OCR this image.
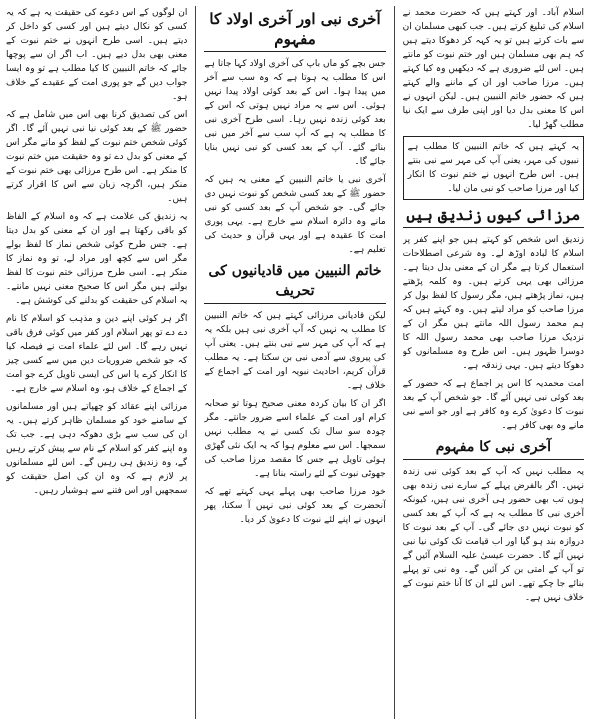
اسلام آباد۔ اور کہتے ہیں کہ حضرت محمد نے اسلام کی تبلیغ کرتے ہیں۔ جب کبھی مسلمان ان سے بات کرتے ہیں تو یہ کہہ کر دھوکا دیتے ہیں کہ ہم بھی مسلمان ہیں اور ختم نبوت کو مانتے ہیں۔ اس لئے ضروری ہے کہ دیکھیں وہ کیا کہتے ہیں۔ مرزا صاحب اور ان کے ماننے والے کہتے ہیں کہ حضور خاتم النبیین ہیں۔ لیکن انہوں نے اس کا معنی بدل دیا اور اپنی طرف سے ایک نیا مطلب گھڑ لیا۔

یہ کہتے ہیں کہ خاتم النبیین کا مطلب ہے نبیوں کی مہر، یعنی آپ کی مہر سے نبی بنتے ہیں۔ اس طرح انہوں نے ختم نبوت کا انکار کیا اور مرزا صاحب کو نبی مان لیا۔

مرزائی کیوں زندیق ہیں

زندیق اس شخص کو کہتے ہیں جو اپنے کفر پر اسلام کا لبادہ اوڑھ لے۔ وہ شرعی اصطلاحات استعمال کرتا ہے مگر ان کے معنی بدل دیتا ہے۔ مرزائی بھی یہی کرتے ہیں۔ وہ کلمہ پڑھتے ہیں، نماز پڑھتے ہیں، مگر رسول کا لفظ بول کر مرزا صاحب کو مراد لیتے ہیں۔ وہ کہتے ہیں کہ ہم محمد رسول اللہ مانتے ہیں مگر ان کے نزدیک مرزا صاحب بھی محمد رسول اللہ کا دوسرا ظہور ہیں۔ اس طرح وہ مسلمانوں کو دھوکا دیتے ہیں۔ یہی زندقہ ہے۔

امت محمدیہ کا اس پر اجماع ہے کہ حضور کے بعد کوئی نبی نہیں آئے گا۔ جو شخص آپ کے بعد نبوت کا دعویٰ کرے وہ کافر ہے اور جو اسے نبی مانے وہ بھی کافر ہے۔

آخری نبی کا مفہوم

یہ مطلب نہیں کہ آپ کے بعد کوئی نبی زندہ نہیں۔ اگر بالفرض پہلے کے سارے نبی زندہ بھی ہوں تب بھی حضور ہی آخری نبی ہیں، کیونکہ آخری نبی کا مطلب یہ ہے کہ آپ کے بعد کسی کو نبوت نہیں دی جائے گی۔ آپ کے بعد نبوت کا دروازہ بند ہو گیا اور اب قیامت تک کوئی نیا نبی نہیں آئے گا۔ حضرت عیسیٰ علیہ السلام آئیں گے تو آپ کے امتی بن کر آئیں گے۔ وہ نبی تو پہلے بنائے جا چکے تھے۔ اس لئے ان کا آنا ختم نبوت کے خلاف نہیں ہے۔

آخری نبی اور آخری اولاد کا مفہوم

جس بچے کو ماں باپ کی آخری اولاد کہا جاتا ہے اس کا مطلب یہ ہوتا ہے کہ وہ سب سے آخر میں پیدا ہوا۔ اس کے بعد کوئی اولاد پیدا نہیں ہوئی۔ اس سے یہ مراد نہیں ہوتی کہ اس کے بعد کوئی زندہ نہیں رہا۔ اسی طرح آخری نبی کا مطلب یہ ہے کہ آپ سب سے آخر میں نبی بنائے گئے۔ آپ کے بعد کسی کو نبی نہیں بنایا جائے گا۔

آخری نبی یا خاتم النبیین کے معنی یہ ہیں کہ حضور ﷺ کے بعد کسی شخص کو نبوت نہیں دی جائے گی۔ جو شخص آپ کے بعد کسی کو نبی مانے وہ دائرہ اسلام سے خارج ہے۔ یہی پوری امت کا عقیدہ ہے اور یہی قرآن و حدیث کی تعلیم ہے۔

خاتم النبیین میں قادیانیوں کی تحریف

لیکن قادیانی مرزائی کہتے ہیں کہ خاتم النبیین کا مطلب یہ نہیں کہ آپ آخری نبی ہیں بلکہ یہ ہے کہ آپ کی مہر سے نبی بنتے ہیں۔ یعنی آپ کی پیروی سے آدمی نبی بن سکتا ہے۔ یہ مطلب قرآن کریم، احادیث نبویہ اور امت کے اجماع کے خلاف ہے۔

اگر ان کا بیان کردہ معنی صحیح ہوتا تو صحابہ کرام اور امت کے علماء اسے ضرور جانتے۔ مگر چودہ سو سال تک کسی نے یہ مطلب نہیں سمجھا۔ اس سے معلوم ہوا کہ یہ ایک نئی گھڑی ہوئی تاویل ہے جس کا مقصد مرزا صاحب کی جھوٹی نبوت کے لئے راستہ بنانا ہے۔

خود مرزا صاحب بھی پہلے یہی کہتے تھے کہ آنحضرت کے بعد کوئی نبی نہیں آ سکتا، پھر انہوں نے اپنے لئے نبوت کا دعویٰ کر دیا۔

ان لوگوں کے اس دعوے کی حقیقت یہ ہے کہ یہ کسی کو نکال دیتے ہیں اور کسی کو داخل کر دیتے ہیں۔ اسی طرح انہوں نے ختم نبوت کے معنی بھی بدل دیے ہیں۔ اب اگر ان سے پوچھا جائے کہ خاتم النبیین کا کیا مطلب ہے تو وہ ایسا جواب دیں گے جو پوری امت کے عقیدے کے خلاف ہو۔

اس کی تصدیق کرنا بھی اس میں شامل ہے کہ حضور ﷺ کے بعد کوئی نیا نبی نہیں آئے گا۔ اگر کوئی شخص ختم نبوت کے لفظ کو مانے مگر اس کے معنی کو بدل دے تو وہ حقیقت میں ختم نبوت کا منکر ہے۔ اس طرح مرزائی بھی ختم نبوت کے منکر ہیں، اگرچہ زبان سے اس کا اقرار کرتے ہیں۔

یہ زندیق کی علامت ہے کہ وہ اسلام کے الفاظ کو باقی رکھتا ہے اور ان کے معنی کو بدل دیتا ہے۔ جس طرح کوئی شخص نماز کا لفظ بولے مگر اس سے کچھ اور مراد لے، تو وہ نماز کا منکر ہے۔ اسی طرح مرزائی ختم نبوت کا لفظ بولتے ہیں مگر اس کا صحیح معنی نہیں مانتے۔ یہ اسلام کی حقیقت کو بدلنے کی کوشش ہے۔

اگر ہر کوئی اپنے دین و مذہب کو اسلام کا نام دے دے تو پھر اسلام اور کفر میں کوئی فرق باقی نہیں رہے گا۔ اس لئے علماء امت نے فیصلہ کیا کہ جو شخص ضروریات دین میں سے کسی چیز کا انکار کرے یا اس کی ایسی تاویل کرے جو امت کے اجماع کے خلاف ہو، وہ اسلام سے خارج ہے۔

مرزائی اپنے عقائد کو چھپاتے ہیں اور مسلمانوں کے سامنے خود کو مسلمان ظاہر کرتے ہیں۔ یہ ان کی سب سے بڑی دھوکہ دہی ہے۔ جب تک وہ اپنے کفر کو اسلام کے نام سے پیش کرتے رہیں گے، وہ زندیق ہی رہیں گے۔ اس لئے مسلمانوں پر لازم ہے کہ وہ ان کی اصل حقیقت کو سمجھیں اور اس فتنے سے ہوشیار رہیں۔
